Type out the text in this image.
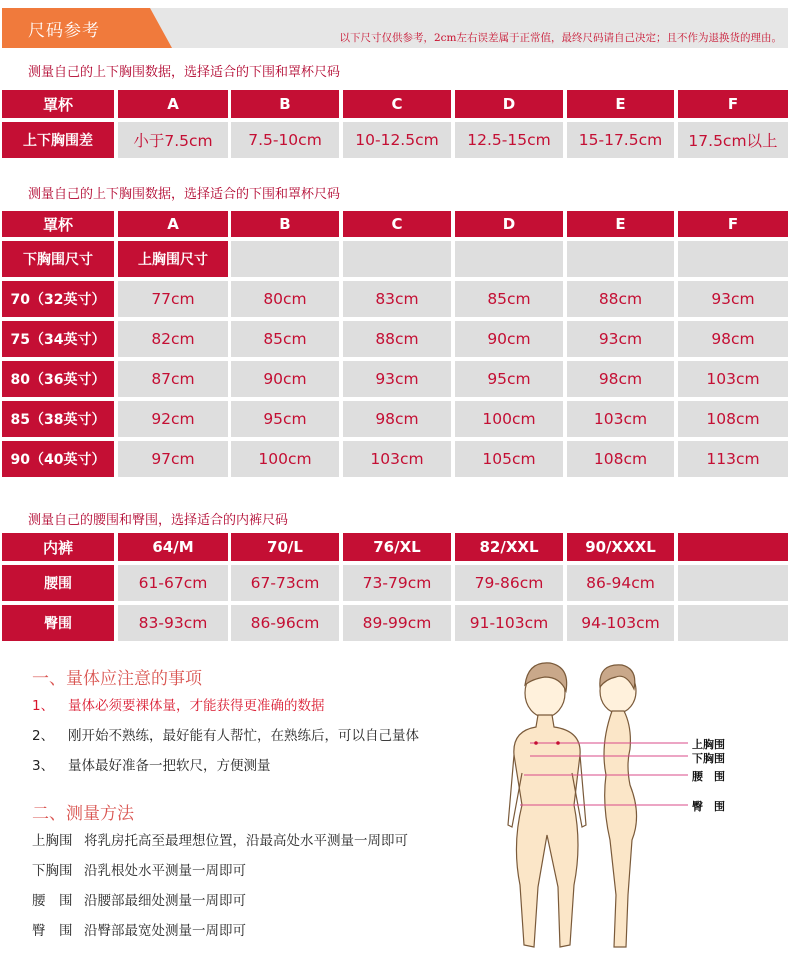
尺码参考	以下尺寸仅供参考，2cm左右误差属于正常值，最终尺码请自己决定；且不作为退换货的理由。
测量自己的上下胸围数据，选择适合的下围和罩杯尺码
罩杯	A	B	C	D	E	F
上下胸围差	小于7.5cm	7.5-10cm	10-12.5cm	12.5-15cm	15-17.5cm	17.5cm以上
测量自己的上下胸围数据，选择适合的下围和罩杯尺码
罩杯	A	B	C	D	E	F
下胸围尺寸	上胸围尺寸
70（32英寸）	77cm	80cm	83cm	85cm	88cm	93cm
75（34英寸）	82cm	85cm	88cm	90cm	93cm	98cm
80（36英寸）	87cm	90cm	93cm	95cm	98cm	103cm
85（38英寸）	92cm	95cm	98cm	100cm	103cm	108cm
90（40英寸）	97cm	100cm	103cm	105cm	108cm	113cm
测量自己的腰围和臀围，选择适合的内裤尺码
内裤	64/M	70/L	76/XL	82/XXL	90/XXXL
腰围	61-67cm	67-73cm	73-79cm	79-86cm	86-94cm
臀围	83-93cm	86-96cm	89-99cm	91-103cm	94-103cm
一、量体应注意的事项
1、 量体必须要裸体量，才能获得更准确的数据
2、 刚开始不熟练，最好能有人帮忙，在熟练后，可以自己量体
3、 量体最好准备一把软尺，方便测量
二、测量方法
上胸围 将乳房托高至最理想位置，沿最高处水平测量一周即可
下胸围 沿乳根处水平测量一周即可
腰　围 沿腰部最细处测量一周即可
臀　围 沿臀部最宽处测量一周即可
上胸围
下胸围
腰　围
臀　围
